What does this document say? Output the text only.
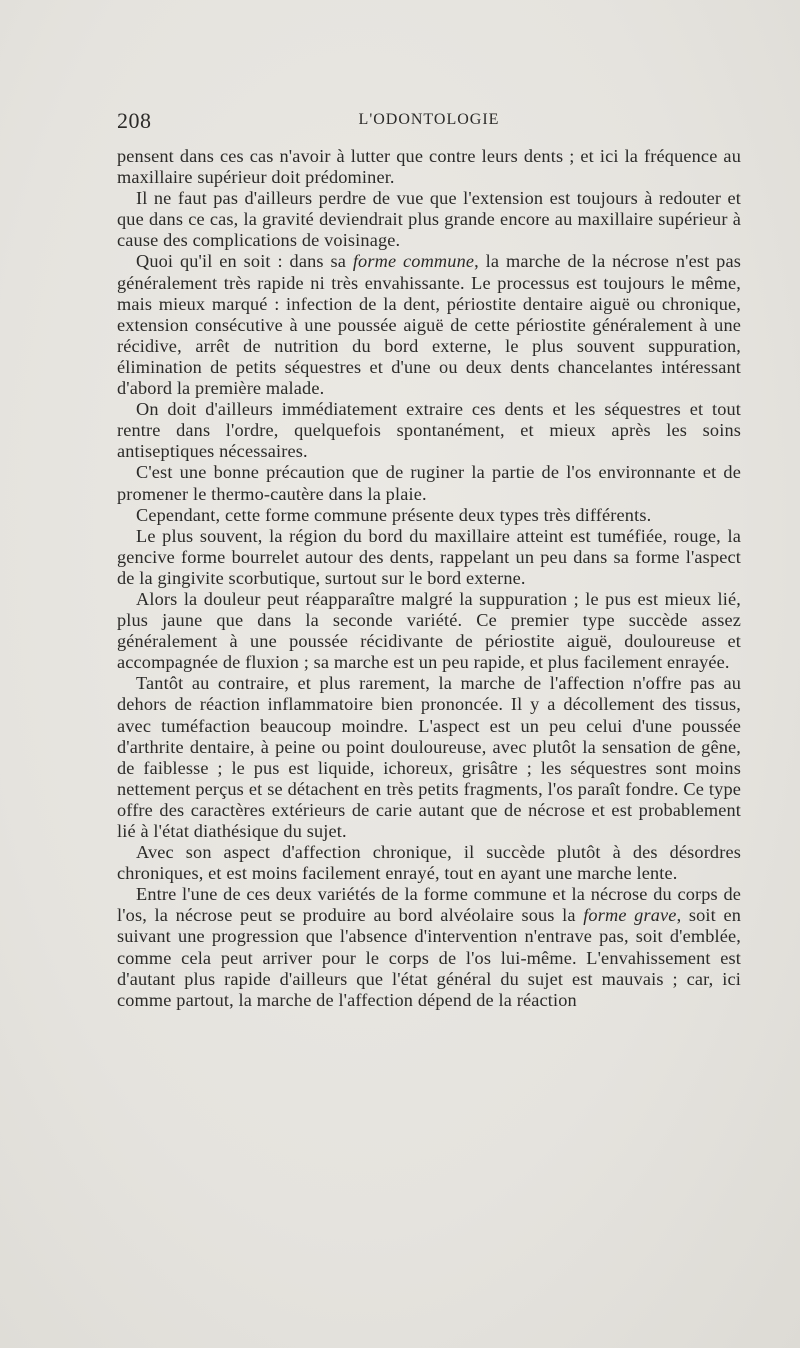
208	L'ODONTOLOGIE

pensent dans ces cas n'avoir à lutter que contre leurs dents ; et ici la fréquence au maxillaire supérieur doit prédominer.

Il ne faut pas d'ailleurs perdre de vue que l'extension est toujours à redouter et que dans ce cas, la gravité deviendrait plus grande encore au maxillaire supérieur à cause des complications de voisinage.

Quoi qu'il en soit : dans sa forme commune, la marche de la nécrose n'est pas généralement très rapide ni très envahissante. Le processus est toujours le même, mais mieux marqué : infection de la dent, périostite dentaire aiguë ou chronique, extension consécutive à une poussée aiguë de cette périostite généralement à une récidive, arrêt de nutrition du bord externe, le plus souvent suppuration, élimination de petits séquestres et d'une ou deux dents chancelantes intéressant d'abord la première malade.

On doit d'ailleurs immédiatement extraire ces dents et les séquestres et tout rentre dans l'ordre, quelquefois spontanément, et mieux après les soins antiseptiques nécessaires.

C'est une bonne précaution que de ruginer la partie de l'os environnante et de promener le thermo-cautère dans la plaie.

Cependant, cette forme commune présente deux types très différents.

Le plus souvent, la région du bord du maxillaire atteint est tuméfiée, rouge, la gencive forme bourrelet autour des dents, rappelant un peu dans sa forme l'aspect de la gingivite scorbutique, surtout sur le bord externe.

Alors la douleur peut réapparaître malgré la suppuration ; le pus est mieux lié, plus jaune que dans la seconde variété. Ce premier type succède assez généralement à une poussée récidivante de périostite aiguë, douloureuse et accompagnée de fluxion ; sa marche est un peu rapide, et plus facilement enrayée.

Tantôt au contraire, et plus rarement, la marche de l'affection n'offre pas au dehors de réaction inflammatoire bien prononcée. Il y a décollement des tissus, avec tuméfaction beaucoup moindre. L'aspect est un peu celui d'une poussée d'arthrite dentaire, à peine ou point douloureuse, avec plutôt la sensation de gêne, de faiblesse ; le pus est liquide, ichoreux, grisâtre ; les séquestres sont moins nettement perçus et se détachent en très petits fragments, l'os paraît fondre. Ce type offre des caractères extérieurs de carie autant que de nécrose et est probablement lié à l'état diathésique du sujet.

Avec son aspect d'affection chronique, il succède plutôt à des désordres chroniques, et est moins facilement enrayé, tout en ayant une marche lente.

Entre l'une de ces deux variétés de la forme commune et la nécrose du corps de l'os, la nécrose peut se produire au bord alvéolaire sous la forme grave, soit en suivant une progression que l'absence d'intervention n'entrave pas, soit d'emblée, comme cela peut arriver pour le corps de l'os lui-même. L'envahissement est d'autant plus rapide d'ailleurs que l'état général du sujet est mauvais ; car, ici comme partout, la marche de l'affection dépend de la réaction
